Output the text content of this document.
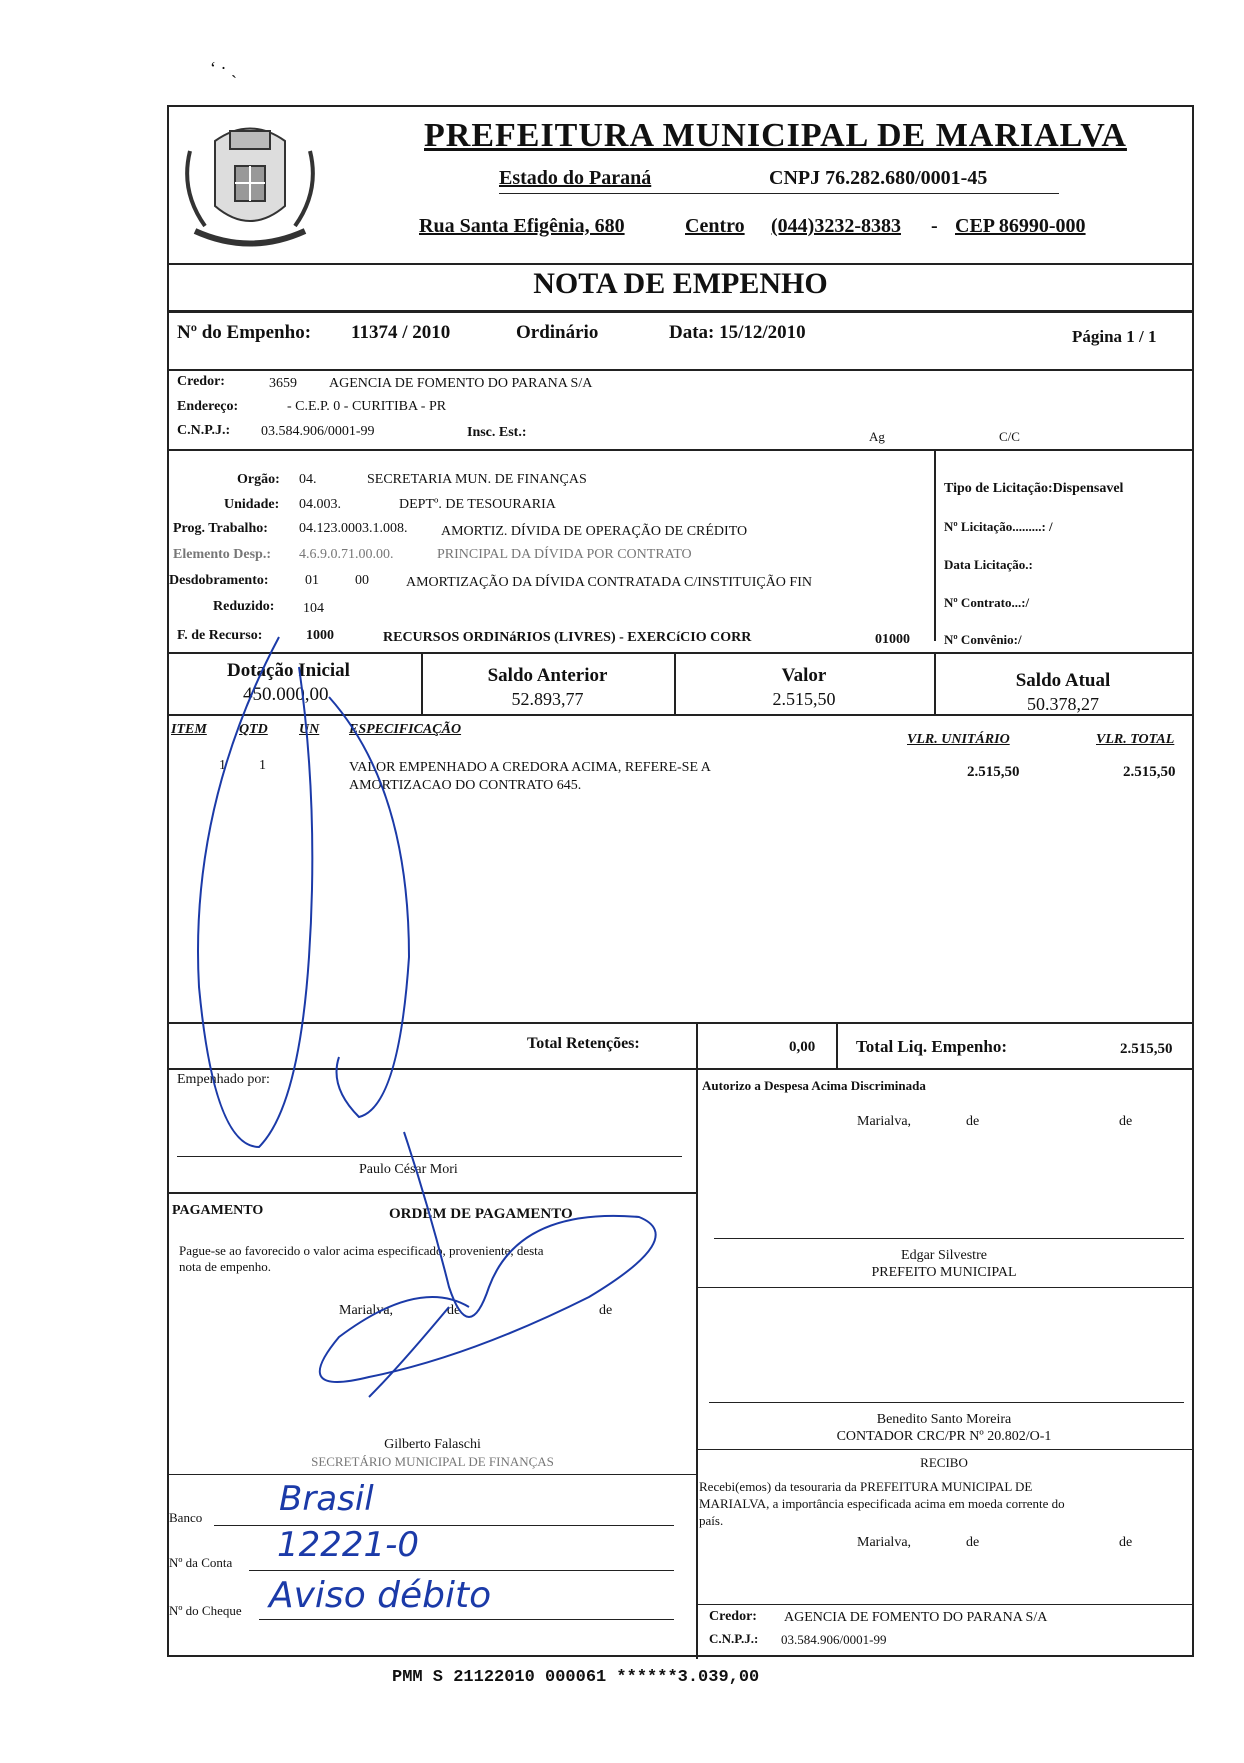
ʻ · ˎ
PREFEITURA MUNICIPAL DE MARIALVA
Estado do Paraná	CNPJ 76.282.680/0001-45
Rua Santa Efigênia, 680	Centro (044)3232-8383 - CEP 86990-000
NOTA DE EMPENHO
Nº do Empenho: 11374 / 2010	Ordinário	Data: 15/12/2010	Página 1 / 1
Credor:	3659 AGENCIA DE FOMENTO DO PARANA S/A
Endereço:	- C.E.P. 0 - CURITIBA - PR
C.N.P.J.: 03.584.906/0001-99	Insc. Est.:	Ag	C/C
Orgão: 04.	SECRETARIA MUN. DE FINANÇAS
Unidade: 04.003.	DEPTº. DE TESOURARIA
Prog. Trabalho: 04.123.0003.1.008. AMORTIZ. DÍVIDA DE OPERAÇÃO DE CRÉDITO
Elemento Desp.: 4.6.9.0.71.00.00.	PRINCIPAL DA DÍVIDA POR CONTRATO
Desdobramento:	01	00	AMORTIZAÇÃO DA DÍVIDA CONTRATADA C/INSTITUIÇÃO FIN
Reduzido: 104
F. de Recurso:	1000	RECURSOS ORDINáRIOS (LIVRES) - EXERCíCIO CORR	01000
Tipo de Licitação:Dispensavel
Nº Licitação.........: /
Data Licitação.:
Nº Contrato...:/
Nº Convênio:/
Dotação Inicial
450.000,00
Saldo Anterior
52.893,77
Valor
2.515,50
Saldo Atual
50.378,27
ITEM QTD UN ESPECIFICAÇÃO
VLR. UNITÁRIO	VLR. TOTAL
1 1	VALOR EMPENHADO A CREDORA ACIMA, REFERE-SE A
AMORTIZACAO DO CONTRATO 645.
2.515,50	2.515,50
Total Retenções:	0,00 Total Liq. Empenho:	2.515,50
Empenhado por:
Paulo César Mori
Autorizo a Despesa Acima Discriminada
Marialva,	de	de
PAGAMENTO	ORDEM DE PAGAMENTO
Pague-se ao favorecido o valor acima especificado, proveniente, desta
nota de empenho.
Marialva,	de	de
Edgar Silvestre
PREFEITO MUNICIPAL
Benedito Santo Moreira
CONTADOR CRC/PR Nº 20.802/O-1
Gilberto Falaschi
SECRETÁRIO MUNICIPAL DE FINANÇAS	RECIBO
Recebi(emos) da tesouraria da PREFEITURA MUNICIPAL DE
MARIALVA, a importância especificada acima em moeda corrente do
país.
Marialva,	de	de
Credor: AGENCIA DE FOMENTO DO PARANA S/A
C.N.P.J.: 03.584.906/0001-99
Banco Brasil
Nº da Conta 12221-0
Nº do Cheque Aviso débito
PMM S 21122010 000061 ******3.039,00
